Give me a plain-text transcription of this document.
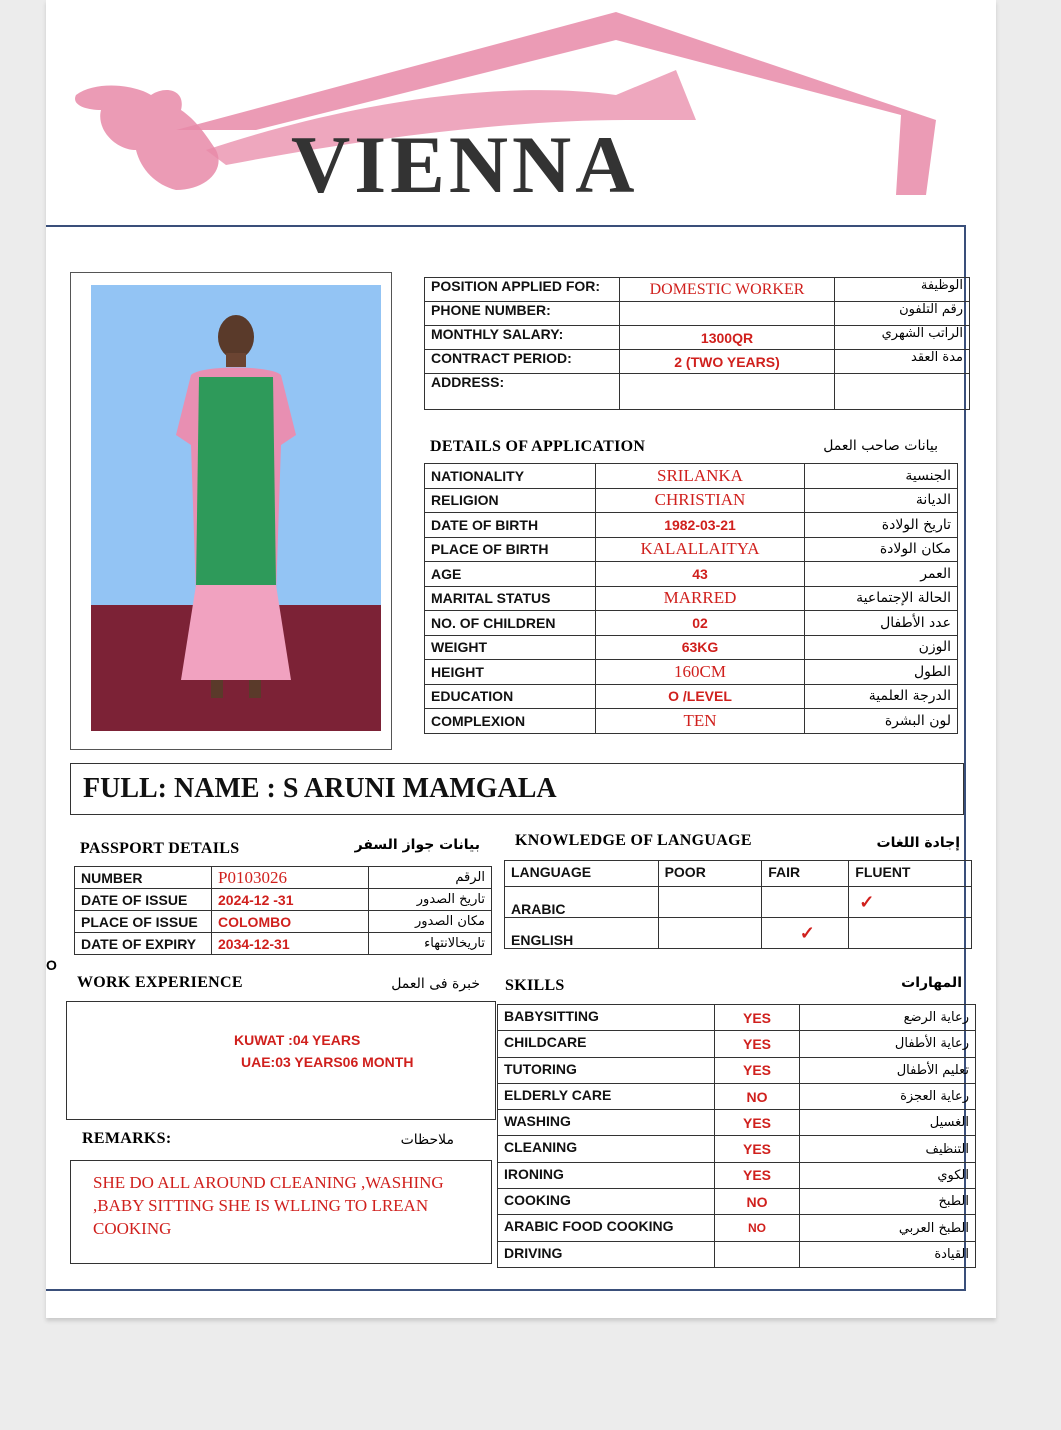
VIENNA
POSITION APPLIED FOR:	DOMESTIC WORKER	الوظيفة
PHONE NUMBER:		رقم التلفون
MONTHLY SALARY:	1300QR	الراتب الشهري
CONTRACT PERIOD:	2 (TWO YEARS)	مدة العقد
ADDRESS:		
DETAILS OF APPLICATION	بيانات صاحب العمل
NATIONALITY	SRILANKA	الجنسية
RELIGION	CHRISTIAN	الديانة
DATE OF BIRTH	1982-03-21	تاريخ الولادة
PLACE OF BIRTH	KALALLAITYA	مكان الولادة
AGE	43	العمر
MARITAL STATUS	MARRED	الحالة الإجتماعية
NO. OF CHILDREN	02	عدد الأطفال
WEIGHT	63KG	الوزن
HEIGHT	160CM	الطول
EDUCATION	O /LEVEL	الدرجة العلمية
COMPLEXION	TEN	لون البشرة
FULL: NAME : S ARUNI MAMGALA
PASSPORT DETAILS	بيانات جواز السفر
NUMBER	P0103026	الرقم
DATE OF ISSUE	2024-12 -31	تاريخ الصدور
PLACE OF ISSUE	COLOMBO	مكان الصدور
DATE OF EXPIRY	2034-12-31	تاريخالانتهاء
KNOWLEDGE OF LANGUAGE	إجادة اللغات
LANGUAGE	POOR	FAIR	FLUENT
ARABIC			✓
ENGLISH		✓	
O
WORK EXPERIENCE	خبرة فى العمل
KUWAT :04 YEARS
UAE:03 YEARS06 MONTH
REMARKS:	ملاحظات
SHE DO ALL AROUND CLEANING ,WASHING
,BABY SITTING SHE IS WLLING TO LREAN
COOKING
SKILLS	المهارات
BABYSITTING	YES	رعاية الرضع
CHILDCARE	YES	رعاية الأطفال
TUTORING	YES	تعليم الأطفال
ELDERLY CARE	NO	رعاية العجزة
WASHING	YES	الغسيل
CLEANING	YES	التنظيف
IRONING	YES	الكوي
COOKING	NO	الطبخ
ARABIC FOOD COOKING	NO	الطبخ العربي
DRIVING		القيادة
